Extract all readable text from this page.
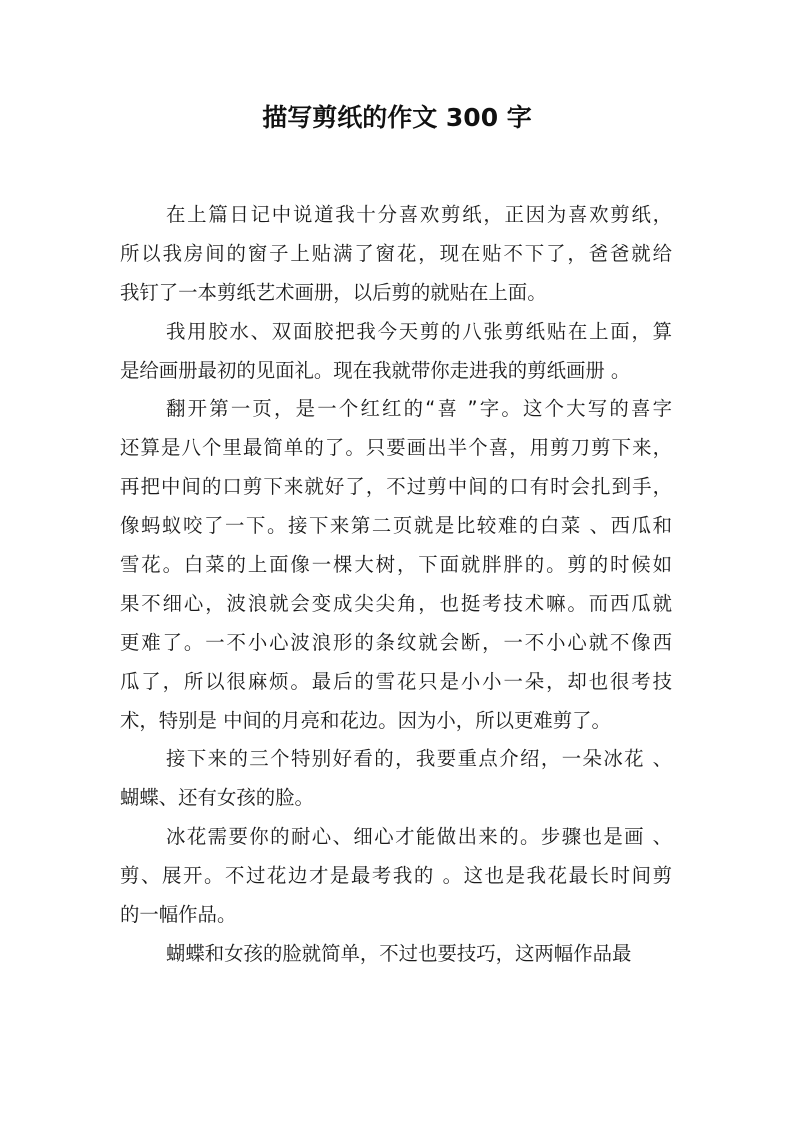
描写剪纸的作文 300 字
在上篇日记中说道我十分喜欢剪纸，正因为喜欢剪纸，
所以我房间的窗子上贴满了窗花，现在贴不下了，爸爸就给
我钉了一本剪纸艺术画册，以后剪的就贴在上面。
我用胶水、双面胶把我今天剪的八张剪纸贴在上面，算
是给画册最初的见面礼。现在我就带你走进我的剪纸画册 。
翻开第一页，是一个红红的“喜 ”字。这个大写的喜字
还算是八个里最简单的了。只要画出半个喜，用剪刀剪下来，
再把中间的口剪下来就好了，不过剪中间的口有时会扎到手，
像蚂蚁咬了一下。接下来第二页就是比较难的白菜 、西瓜和
雪花。白菜的上面像一棵大树，下面就胖胖的。剪的时候如
果不细心，波浪就会变成尖尖角，也挺考技术嘛。而西瓜就
更难了。一不小心波浪形的条纹就会断，一不小心就不像西
瓜了，所以很麻烦。最后的雪花只是小小一朵，却也很考技
术，特别是 中间的月亮和花边。因为小，所以更难剪了。
接下来的三个特别好看的，我要重点介绍，一朵冰花 、
蝴蝶、还有女孩的脸。
冰花需要你的耐心、细心才能做出来的。步骤也是画 、
剪、展开。不过花边才是最考我的 。这也是我花最长时间剪
的一幅作品。
蝴蝶和女孩的脸就简单，不过也要技巧，这两幅作品最
